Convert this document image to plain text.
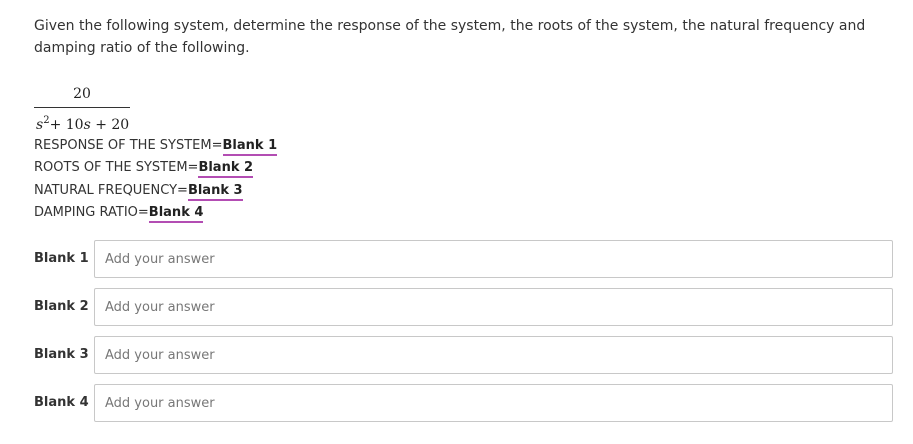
Given the following system, determine the response of the system, the roots of the system, the natural frequency and damping ratio of the following.
20
$s^2+ 10s + 20$
RESPONSE OF THE SYSTEM=Blank 1
ROOTS OF THE SYSTEM=Blank 2
NATURAL FREQUENCY=Blank 3
DAMPING RATIO=Blank 4
Blank 1
Add your answer
Blank 2
Add your answer
Blank 3
Add your answer
Blank 4
Add your answer
